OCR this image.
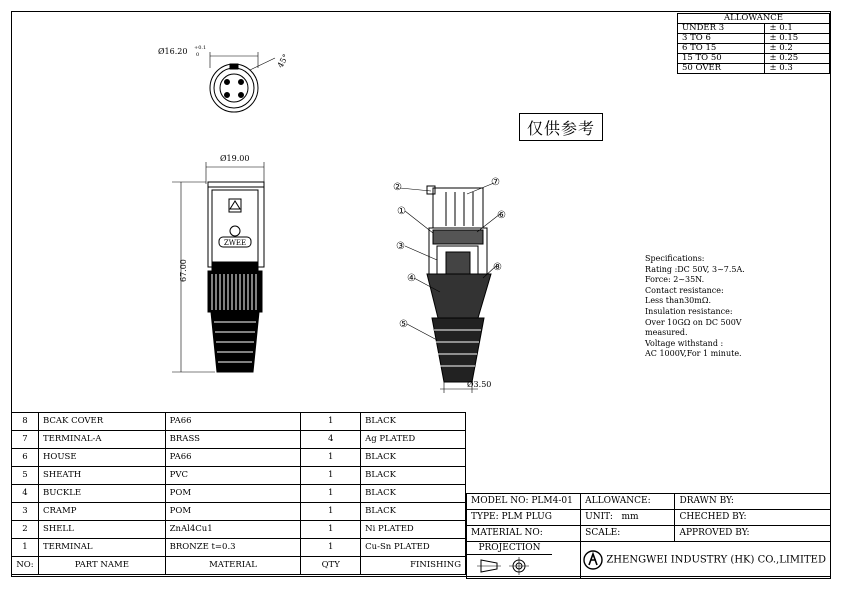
ALLOWANCE	
UNDER 3	± 0.1
3 TO 6	± 0.15
6 TO 15	± 0.2
15 TO 50	± 0.25
50 OVER	± 0.3
仅供参考
Ø16.20 +0.1
0	45°
Ø19.00
ZWEE
67.00
②
①
③
④
⑤
⑥
⑦
⑧
Ø3.50
Specifications:
Rating :DC 50V, 3~7.5A.
Force: 2~35N.
Contact resistance:
Less than30mΩ.
Insulation resistance:
Over 10GΩ on DC 500V
measured.
Voltage withstand :
AC 1000V,For 1 minute.
8	BCAK COVER	PA66	1	BLACK
7	TERMINAL-A	BRASS	4	Ag PLATED
6	HOUSE	PA66	1	BLACK
5	SHEATH	PVC	1	BLACK
4	BUCKLE	POM	1	BLACK
3	CRAMP	POM	1	BLACK
2	SHELL	ZnAl4Cu1	1	Ni PLATED
1	TERMINAL	BRONZE t=0.3	1	Cu-Sn PLATED
NO:	PART NAME	MATERIAL	QTY	FINISHING
MODEL NO: PLM4-01	ALLOWANCE:	DRAWN BY:
TYPE: PLM PLUG	UNIT: mm	CHECHED BY:
MATERIAL NO:	SCALE:	APPROVED BY:

PROJECTION	ZHENGWEI INDUSTRY (HK) CO.,LIMITED	
